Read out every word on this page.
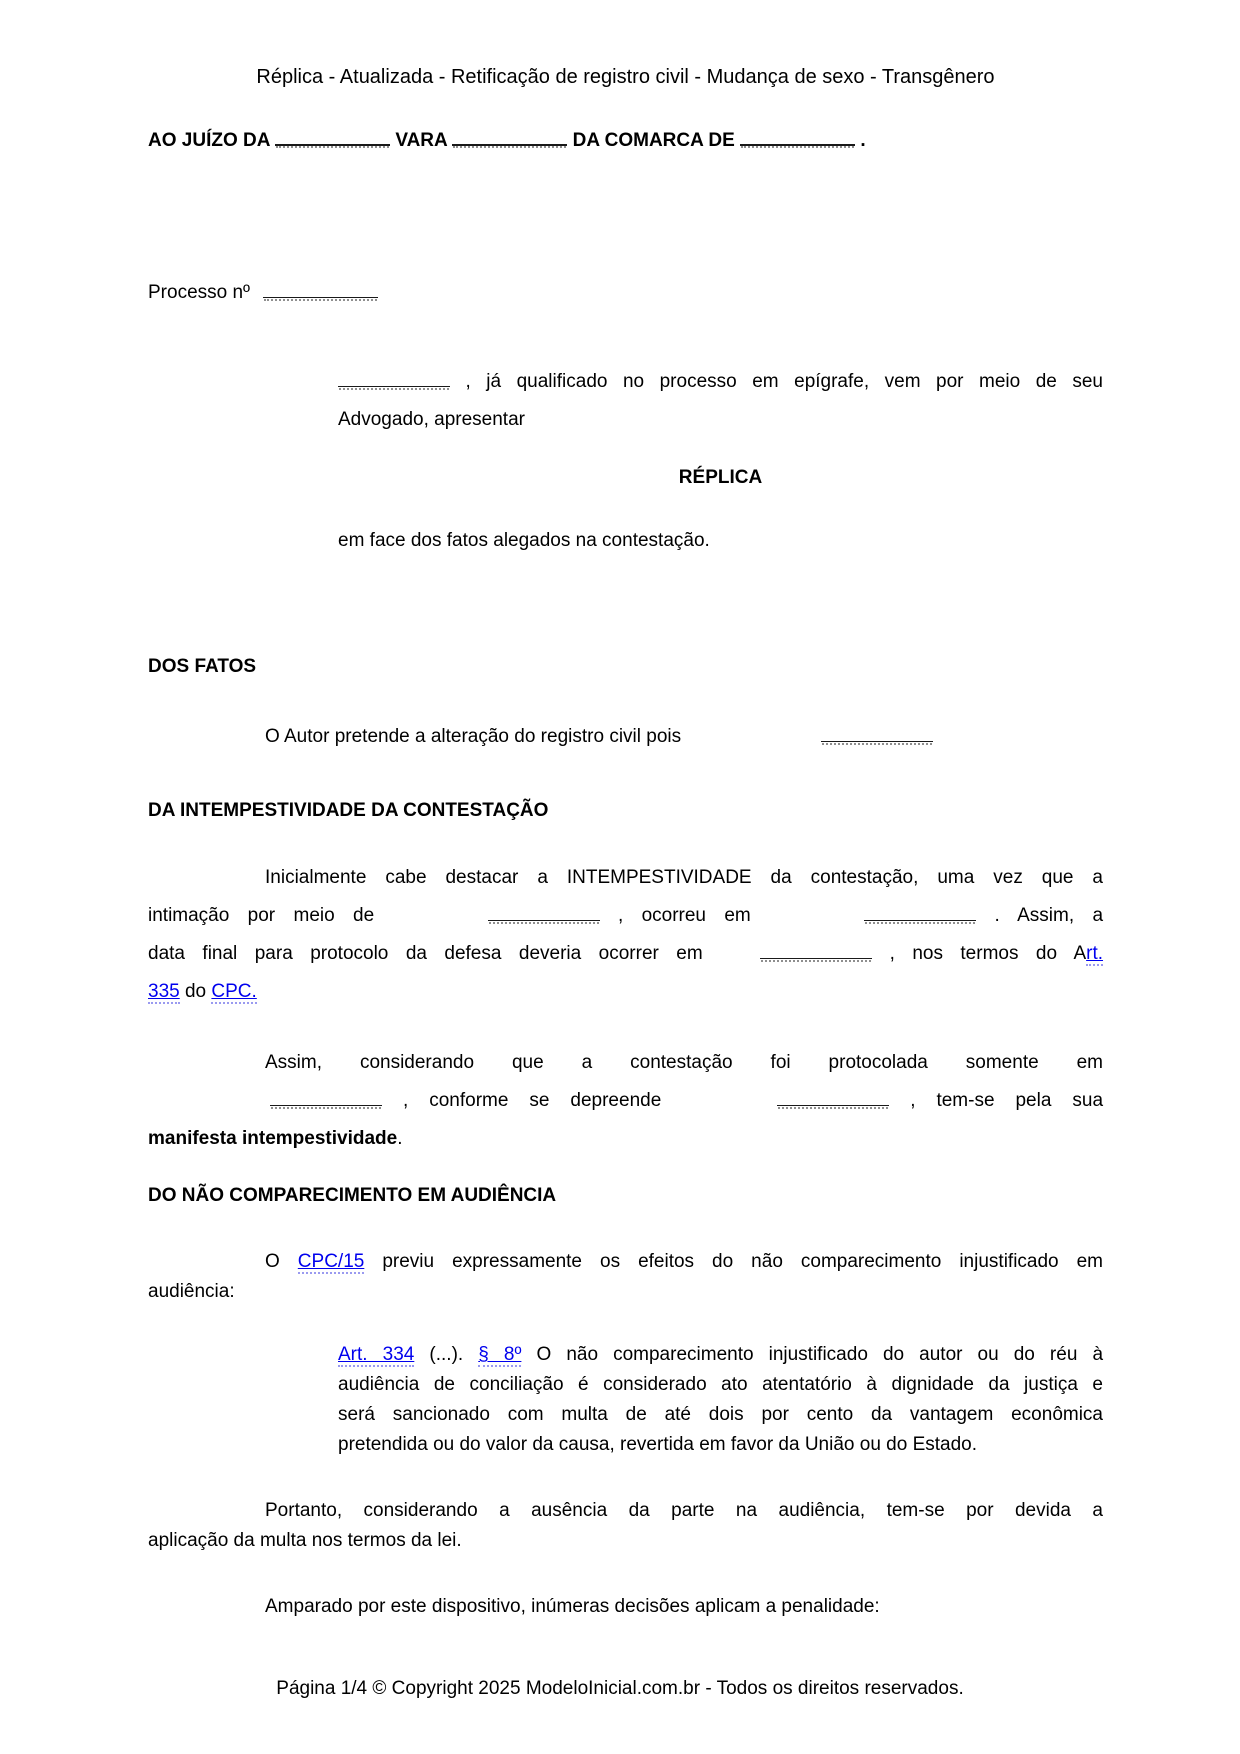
Réplica - Atualizada - Retificação de registro civil - Mudança de sexo - Transgênero
AO JUÍZO DA	VARA	DA COMARCA DE	.
Processo nº
, já qualificado no processo em epígrafe, vem por meio de seu
Advogado, apresentar
RÉPLICA
em face dos fatos alegados na contestação.
DOS FATOS
O Autor pretende a alteração do registro civil pois
DA INTEMPESTIVIDADE DA CONTESTAÇÃO
Inicialmente cabe destacar a INTEMPESTIVIDADE da contestação, uma vez que a
intimação por meio de	, ocorreu em	. Assim, a
data final para protocolo da defesa deveria ocorrer em	, nos termos do Art.
335 do CPC.
Assim, considerando que a contestação foi protocolada somente em
, conforme se depreende	, tem-se pela sua
manifesta intempestividade.
DO NÃO COMPARECIMENTO EM AUDIÊNCIA
O CPC/15 previu expressamente os efeitos do não comparecimento injustificado em
audiência:
Art. 334 (...). § 8º O não comparecimento injustificado do autor ou do réu à
audiência de conciliação é considerado ato atentatório à dignidade da justiça e
será sancionado com multa de até dois por cento da vantagem econômica
pretendida ou do valor da causa, revertida em favor da União ou do Estado.
Portanto, considerando a ausência da parte na audiência, tem-se por devida a
aplicação da multa nos termos da lei.
Amparado por este dispositivo, inúmeras decisões aplicam a penalidade:
Página 1/4 © Copyright 2025 ModeloInicial.com.br - Todos os direitos reservados.
